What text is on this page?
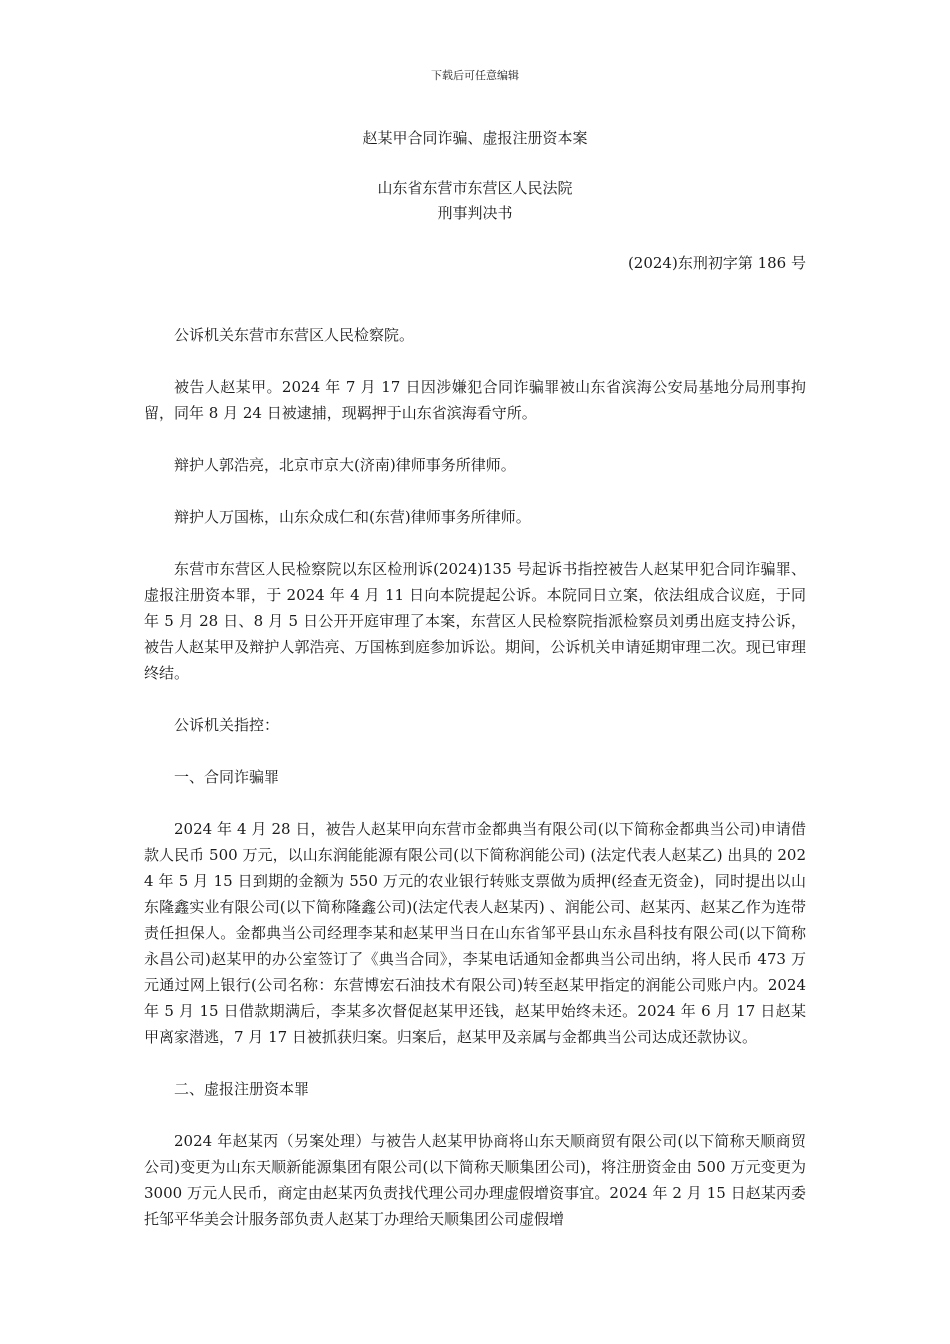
下载后可任意编辑
赵某甲合同诈骗、虚报注册资本案
山东省东营市东营区人民法院
刑事判决书
(2024)东刑初字第 186 号

公诉机关东营市东营区人民检察院。

被告人赵某甲。2024 年 7 月 17 日因涉嫌犯合同诈骗罪被山东省滨海公安局基地分局刑事拘留，同年 8 月 24 日被逮捕，现羁押于山东省滨海看守所。

辩护人郭浩亮，北京市京大(济南)律师事务所律师。

辩护人万国栋，山东众成仁和(东营)律师事务所律师。

东营市东营区人民检察院以东区检刑诉(2024)135 号起诉书指控被告人赵某甲犯合同诈骗罪、虚报注册资本罪，于 2024 年 4 月 11 日向本院提起公诉。本院同日立案，依法组成合议庭，于同年 5 月 28 日、8 月 5 日公开开庭审理了本案，东营区人民检察院指派检察员刘勇出庭支持公诉，被告人赵某甲及辩护人郭浩亮、万国栋到庭参加诉讼。期间，公诉机关申请延期审理二次。现已审理终结。

公诉机关指控：

一、合同诈骗罪

2024 年 4 月 28 日，被告人赵某甲向东营市金都典当有限公司(以下简称金都典当公司)申请借款人民币 500 万元，以山东润能能源有限公司(以下简称润能公司) (法定代表人赵某乙) 出具的 2024 年 5 月 15 日到期的金额为 550 万元的农业银行转账支票做为质押(经查无资金)，同时提出以山东隆鑫实业有限公司(以下简称隆鑫公司)(法定代表人赵某丙) 、润能公司、赵某丙、赵某乙作为连带责任担保人。金都典当公司经理李某和赵某甲当日在山东省邹平县山东永昌科技有限公司(以下简称永昌公司)赵某甲的办公室签订了《典当合同》，李某电话通知金都典当公司出纳，将人民币 473 万元通过网上银行(公司名称：东营博宏石油技术有限公司)转至赵某甲指定的润能公司账户内。2024 年 5 月 15 日借款期满后，李某多次督促赵某甲还钱，赵某甲始终未还。2024 年 6 月 17 日赵某甲离家潜逃，7 月 17 日被抓获归案。归案后，赵某甲及亲属与金都典当公司达成还款协议。

二、虚报注册资本罪

2024 年赵某丙（另案处理）与被告人赵某甲协商将山东天顺商贸有限公司(以下简称天顺商贸公司)变更为山东天顺新能源集团有限公司(以下简称天顺集团公司)，将注册资金由 500 万元变更为 3000 万元人民币，商定由赵某丙负责找代理公司办理虚假增资事宜。2024 年 2 月 15 日赵某丙委托邹平华美会计服务部负责人赵某丁办理给天顺集团公司虚假增
